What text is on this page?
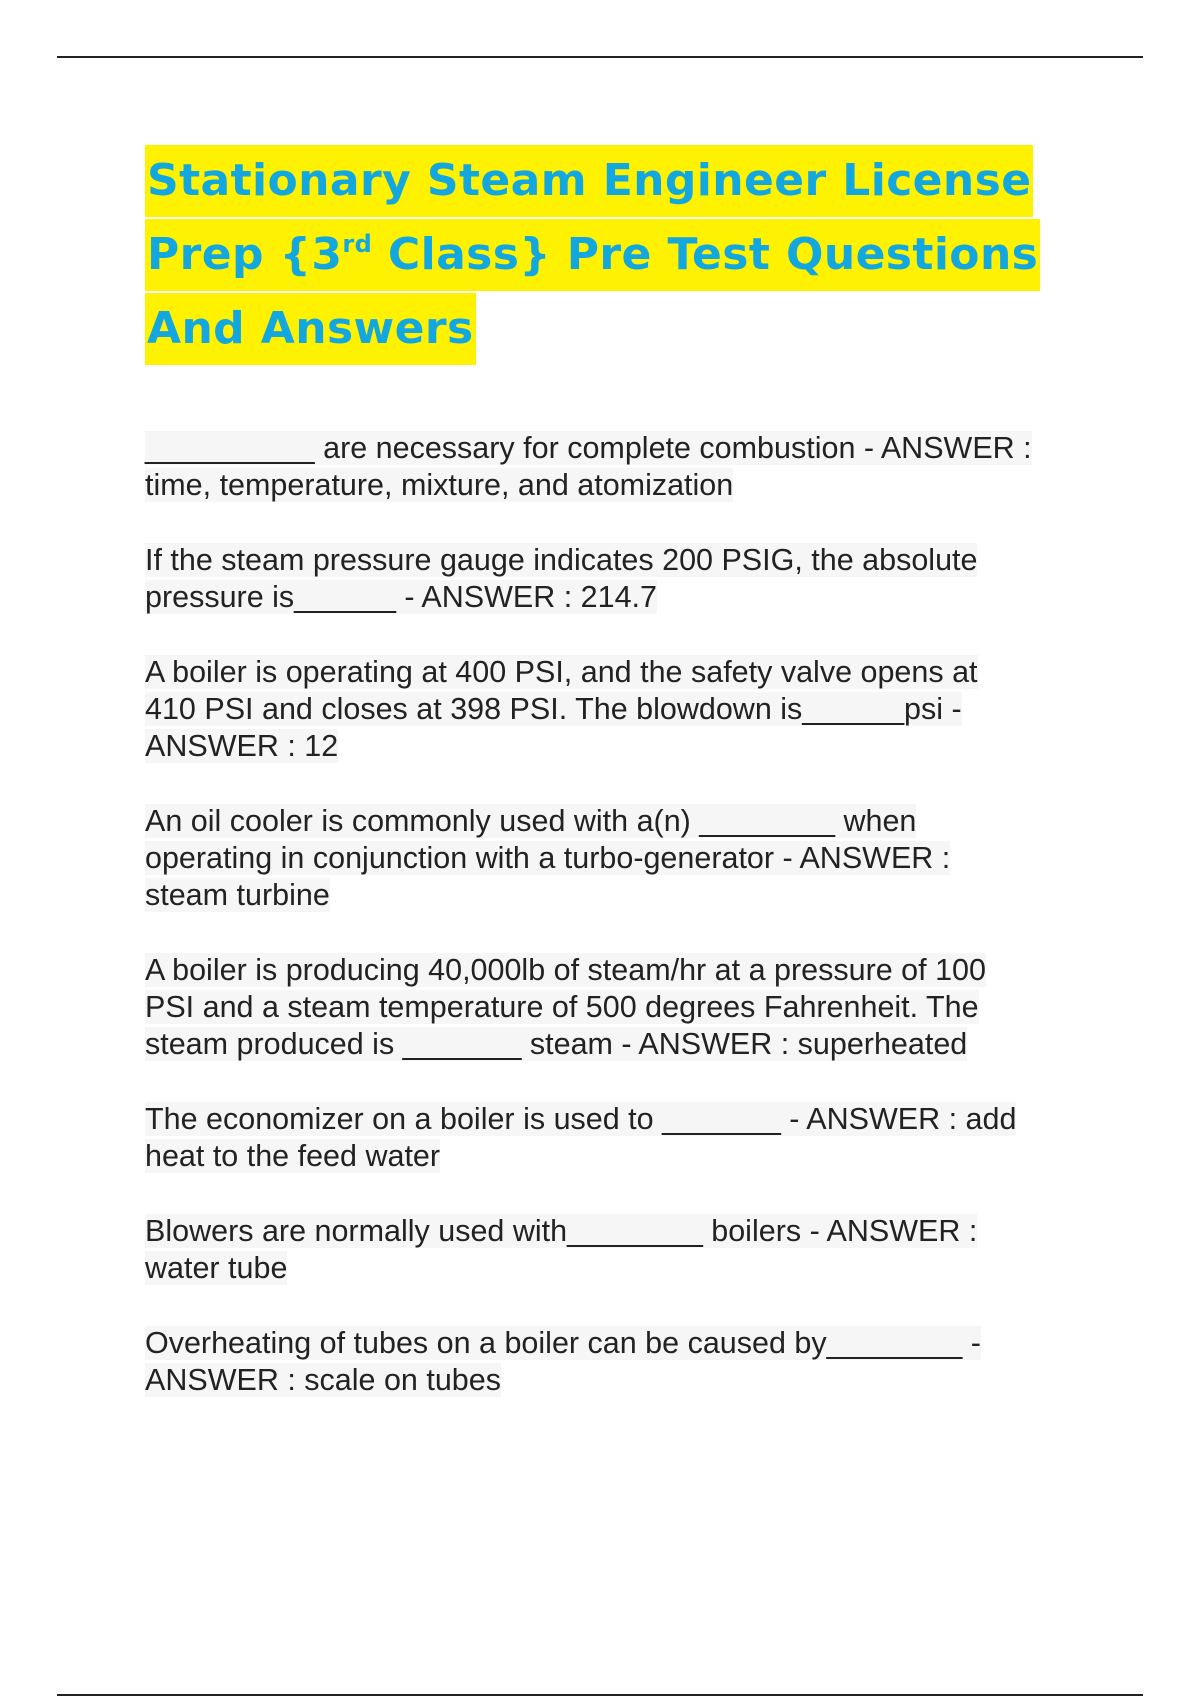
Stationary Steam Engineer License
Prep {3rd Class} Pre Test Questions
And Answers
__________ are necessary for complete combustion - ANSWER :
time, temperature, mixture, and atomization
If the steam pressure gauge indicates 200 PSIG, the absolute
pressure is______ - ANSWER : 214.7
A boiler is operating at 400 PSI, and the safety valve opens at
410 PSI and closes at 398 PSI. The blowdown is______psi -
ANSWER : 12
An oil cooler is commonly used with a(n) ________ when
operating in conjunction with a turbo-generator - ANSWER :
steam turbine
A boiler is producing 40,000lb of steam/hr at a pressure of 100
PSI and a steam temperature of 500 degrees Fahrenheit. The
steam produced is _______ steam - ANSWER : superheated
The economizer on a boiler is used to _______ - ANSWER : add
heat to the feed water
Blowers are normally used with________ boilers - ANSWER :
water tube
Overheating of tubes on a boiler can be caused by________ -
ANSWER : scale on tubes
